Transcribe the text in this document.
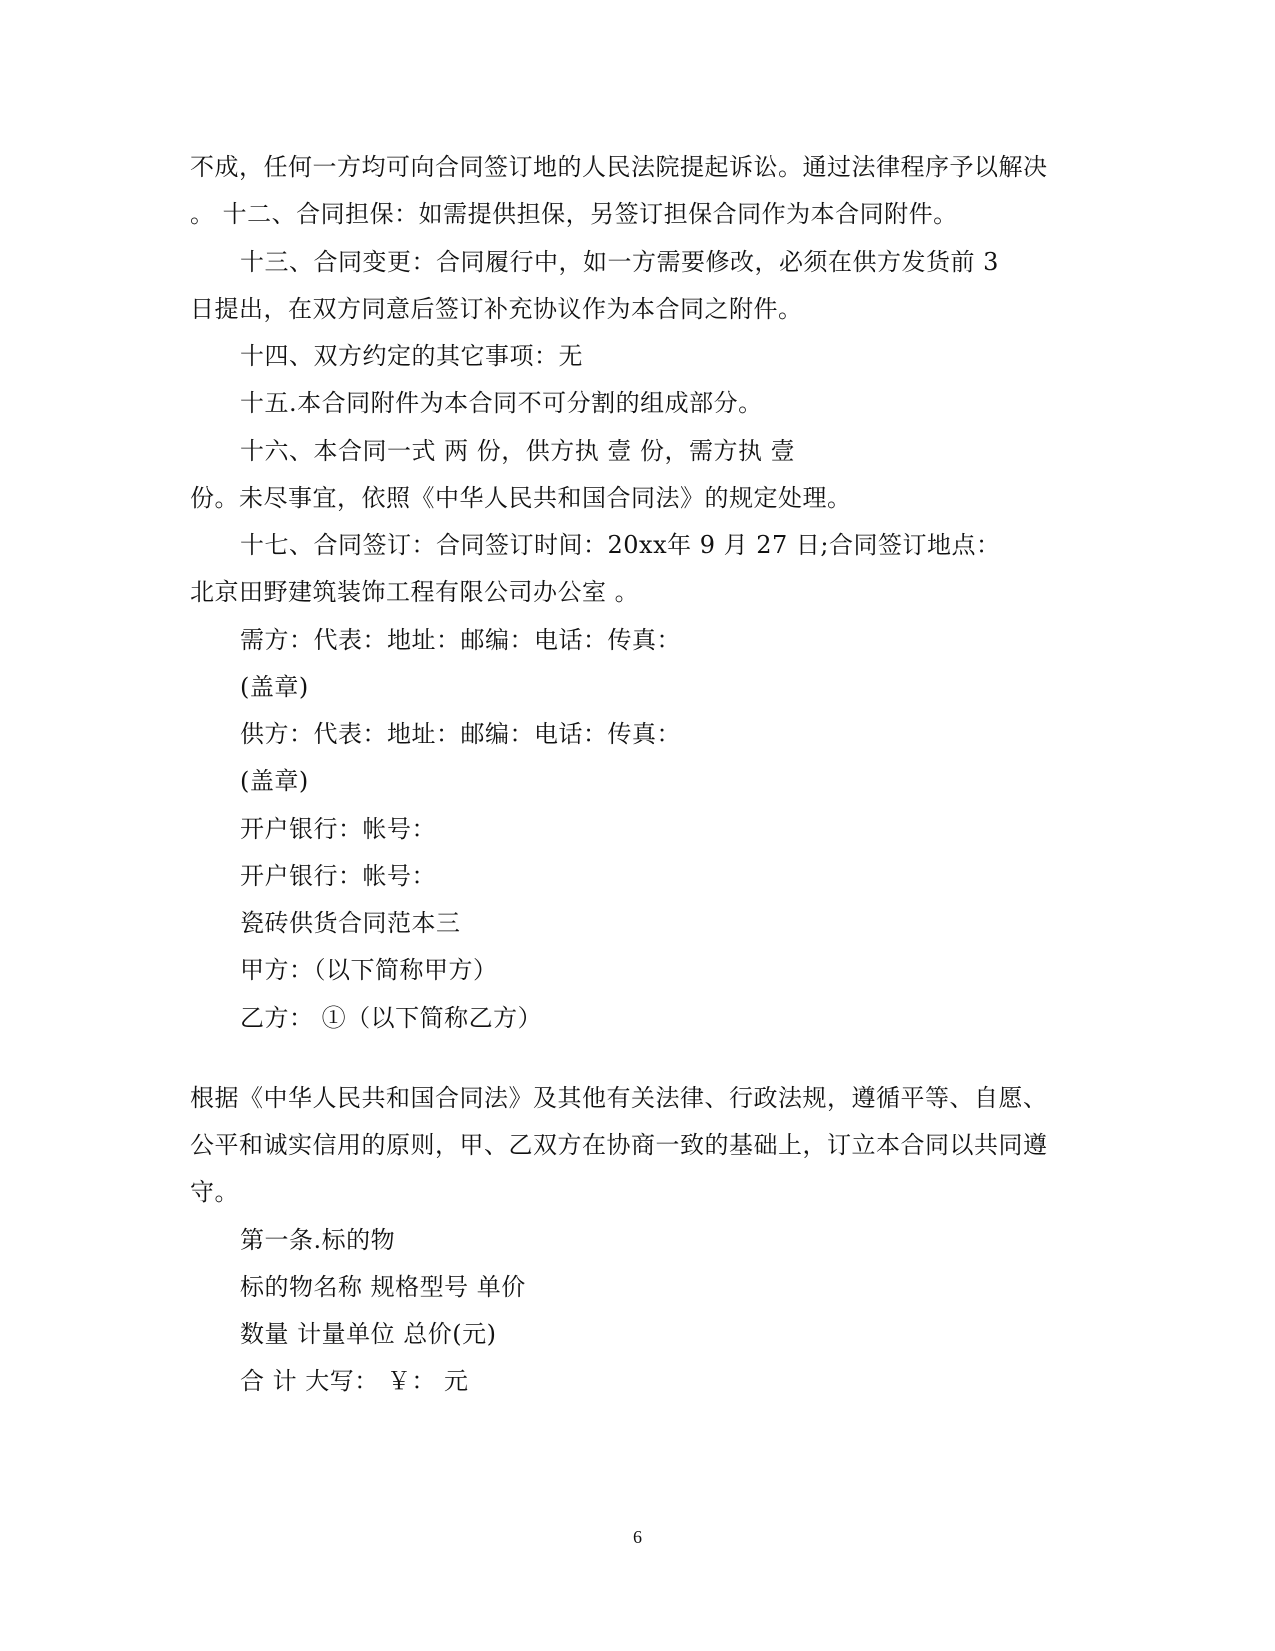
不成，任何一方均可向合同签订地的人民法院提起诉讼。通过法律程序予以解决
。 十二、合同担保：如需提供担保，另签订担保合同作为本合同附件。
十三、合同变更：合同履行中，如一方需要修改，必须在供方发货前 3
日提出，在双方同意后签订补充协议作为本合同之附件。
十四、双方约定的其它事项：无
十五.本合同附件为本合同不可分割的组成部分。
十六、本合同一式 两 份，供方执 壹 份，需方执 壹
份。未尽事宜，依照《中华人民共和国合同法》的规定处理。
十七、合同签订：合同签订时间：20xx年 9 月 27 日;合同签订地点：
北京田野建筑装饰工程有限公司办公室 。
需方：代表：地址：邮编：电话：传真：
(盖章)
供方：代表：地址：邮编：电话：传真：
(盖章)
开户银行：帐号：
开户银行：帐号：
瓷砖供货合同范本三
甲方：（以下简称甲方）
乙方： ①（以下简称乙方）
根据《中华人民共和国合同法》及其他有关法律、行政法规，遵循平等、自愿、
公平和诚实信用的原则，甲、乙双方在协商一致的基础上，订立本合同以共同遵
守。
第一条.标的物
标的物名称 规格型号 单价
数量 计量单位 总价(元)
合 计 大写： ￥： 元
6
